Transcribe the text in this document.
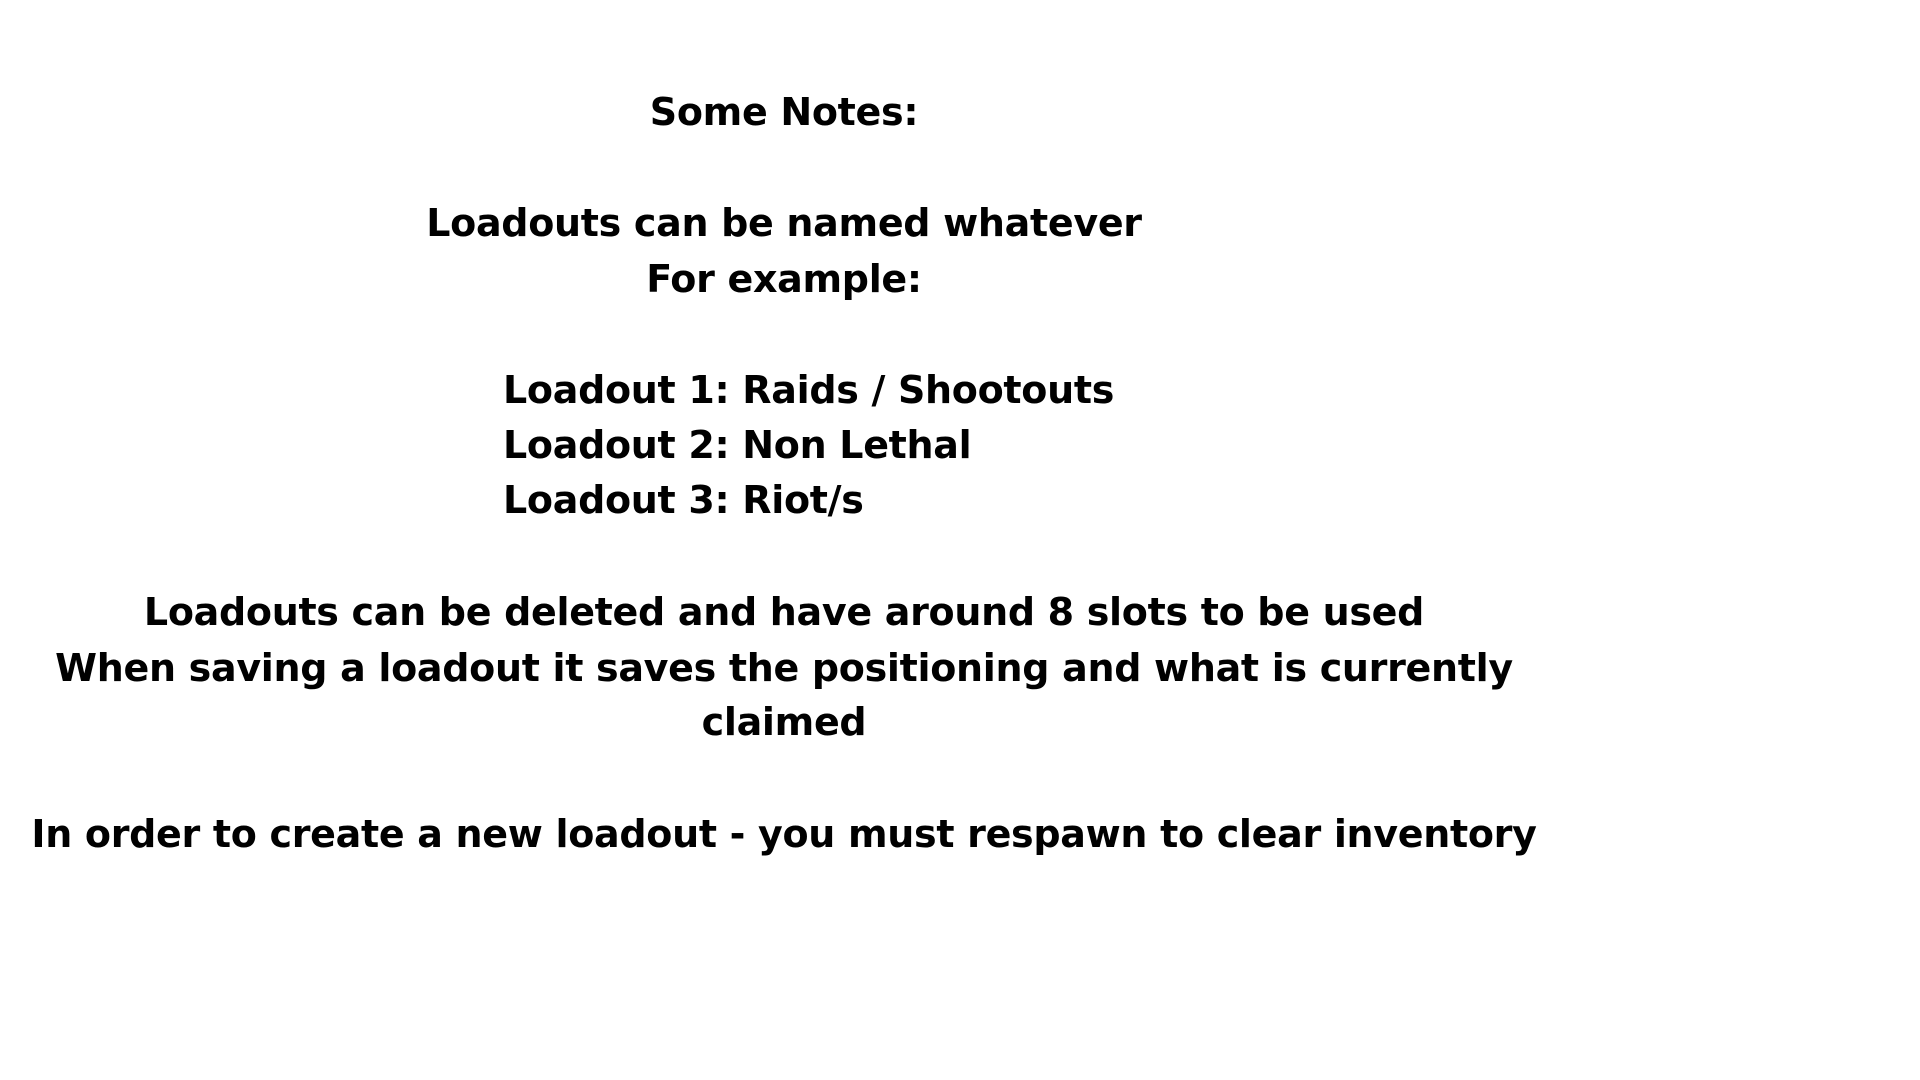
Some Notes:

Loadouts can be named whatever

For example:

Loadout 1: Raids / Shootouts
Loadout 2: Non Lethal
Loadout 3: Riot/s

Loadouts can be deleted and have around 8 slots to be used

When saving a loadout it saves the positioning and what is currently

claimed

In order to create a new loadout - you must respawn to clear inventory
